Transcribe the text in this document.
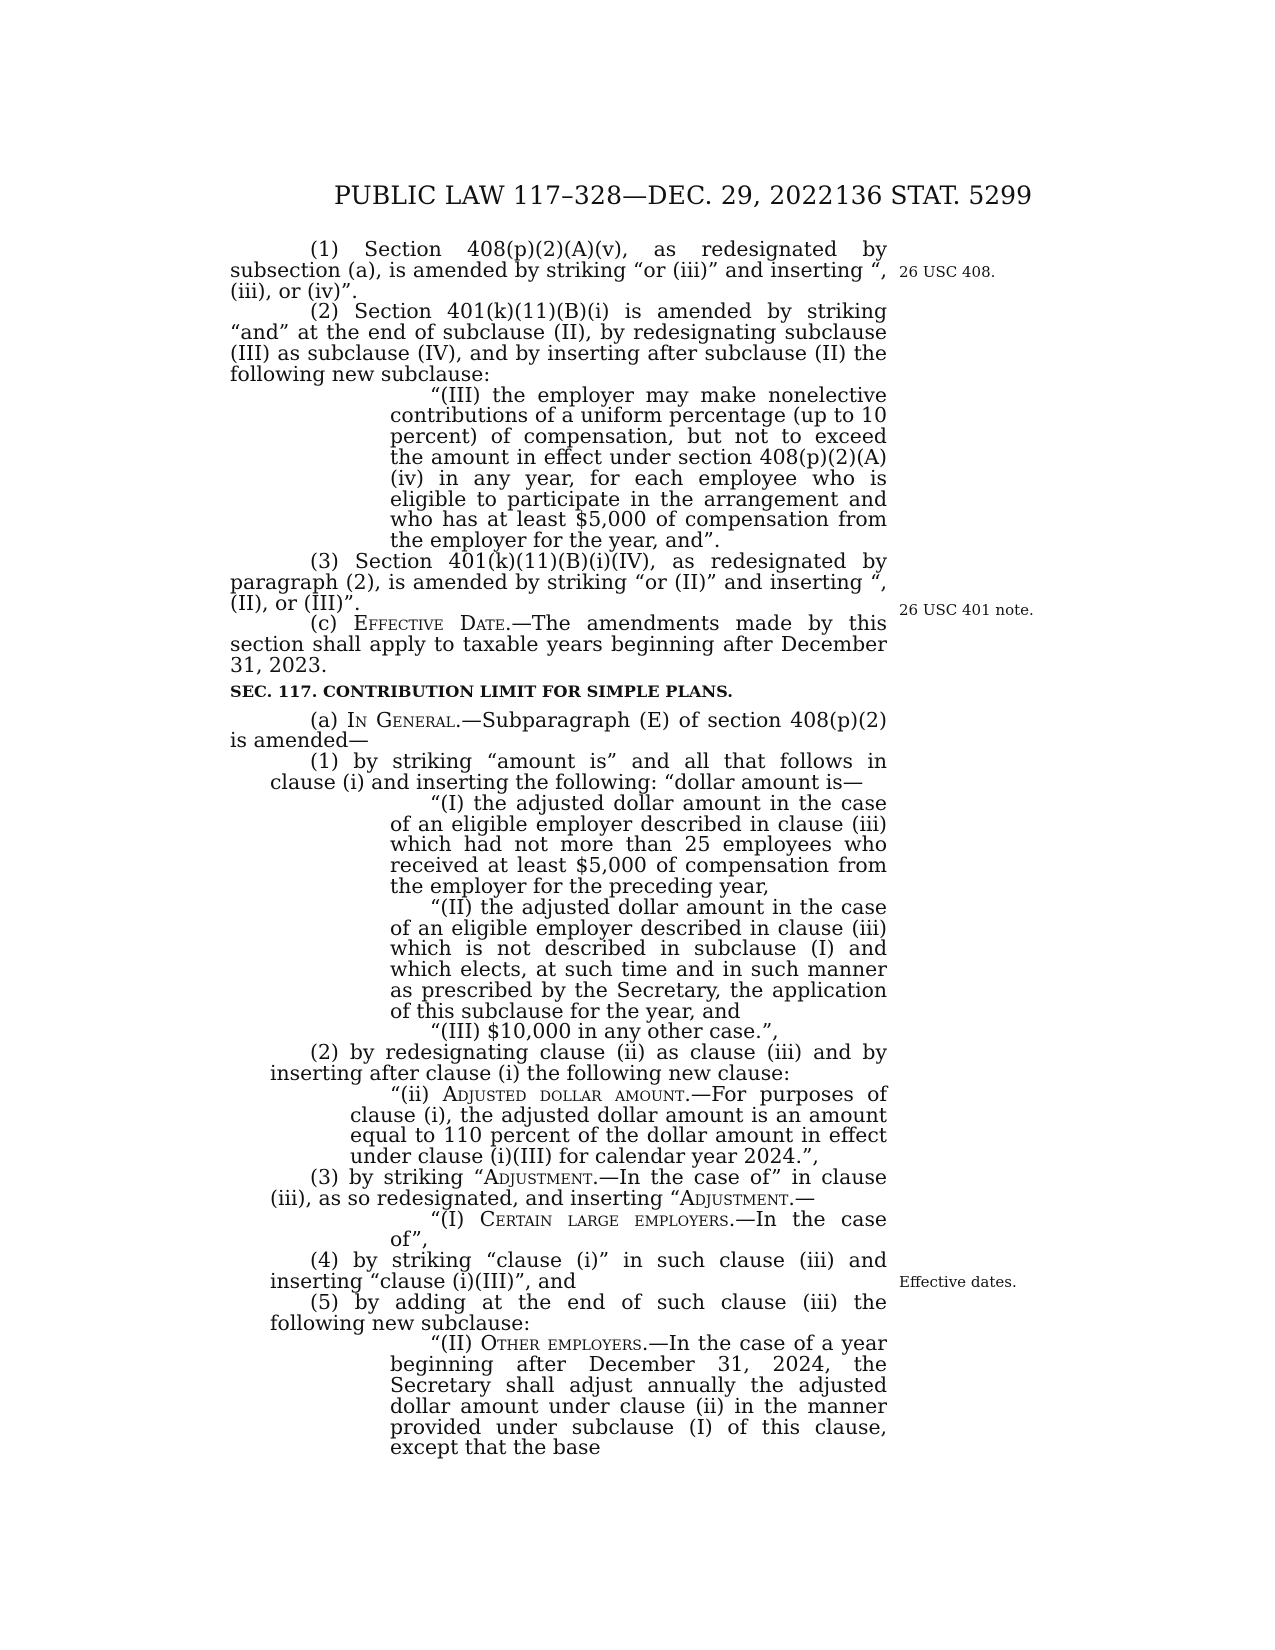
PUBLIC LAW 117–328—DEC. 29, 2022 136 STAT. 5299
26 USC 408.
26 USC 401 note.
Effective dates.

(1) Section 408(p)(2)(A)(v), as redesignated by subsection (a), is amended by striking “or (iii)” and inserting “, (iii), or (iv)”.

(2) Section 401(k)(11)(B)(i) is amended by striking “and” at the end of subclause (II), by redesignating subclause (III) as subclause (IV), and by inserting after subclause (II) the following new subclause:

“(III) the employer may make nonelective contributions of a uniform percentage (up to 10 percent) of compensation, but not to exceed the amount in effect under section 408(p)(2)(A)(iv) in any year, for each employee who is eligible to participate in the arrangement and who has at least $5,000 of compensation from the employer for the year, and”.

(3) Section 401(k)(11)(B)(i)(IV), as redesignated by paragraph (2), is amended by striking “or (II)” and inserting “, (II), or (III)”.

(c) Effective Date.—The amendments made by this section shall apply to taxable years beginning after December 31, 2023.

SEC. 117. CONTRIBUTION LIMIT FOR SIMPLE PLANS.

(a) In General.—Subparagraph (E) of section 408(p)(2) is amended—

(1) by striking “amount is” and all that follows in clause (i) and inserting the following: “dollar amount is—

“(I) the adjusted dollar amount in the case of an eligible employer described in clause (iii) which had not more than 25 employees who received at least $5,000 of compensation from the employer for the preceding year,

“(II) the adjusted dollar amount in the case of an eligible employer described in clause (iii) which is not described in subclause (I) and which elects, at such time and in such manner as prescribed by the Secretary, the application of this subclause for the year, and

“(III) $10,000 in any other case.”,

(2) by redesignating clause (ii) as clause (iii) and by inserting after clause (i) the following new clause:

“(ii) Adjusted dollar amount.—For purposes of clause (i), the adjusted dollar amount is an amount equal to 110 percent of the dollar amount in effect under clause (i)(III) for calendar year 2024.”,

(3) by striking “Adjustment.—In the case of” in clause (iii), as so redesignated, and inserting “Adjustment.—

“(I) Certain large employers.—In the case of”,

(4) by striking “clause (i)” in such clause (iii) and inserting “clause (i)(III)”, and

(5) by adding at the end of such clause (iii) the following new subclause:

“(II) Other employers.—In the case of a year beginning after December 31, 2024, the Secretary shall adjust annually the adjusted dollar amount under clause (ii) in the manner provided under subclause (I) of this clause, except that the base
